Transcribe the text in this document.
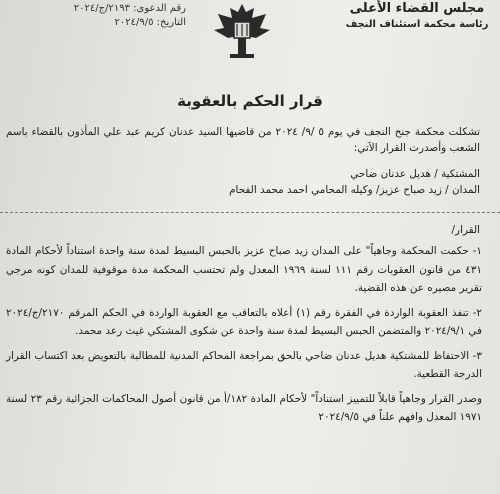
مجلس القضاء الأعلى
رئاسة محكمة استئناف النجف
رقم الدعوى: ٢١٩٣/ج/٢٠٢٤
التاريخ: ٢٠٢٤/٩/٥
قرار الحكم بالعقوبة

تشكلت محكمة جنح النجف في يوم ٥ /٩/ ٢٠٢٤ من قاضيها السيد عدنان كريم عبد علي المأذون بالقضاء باسم الشعب وأصدرت القرار الآتي:

المشتكية / هديل عدنان ضاحي

المدان / زيد صباح عزيز/ وكيله المحامي احمد محمد الفحام

القرار/

١- حكمت المحكمة وجاهياً" على المدان زيد صباح عزيز بالحبس البسيط لمدة سنة واحدة استناداً لأحكام المادة ٤٣١ من قانون العقوبات رقم ١١١ لسنة ١٩٦٩ المعدل ولم تحتسب المحكمة مدة موقوفية للمدان كونه مرجي تقرير مصيره عن هذه القضية.

٢- تنفذ العقوبة الواردة في الفقرة رقم (١) أعلاه بالتعاقب مع العقوبة الواردة في الحكم المرقم ٢١٧٠/ج/٢٠٢٤ في ٢٠٢٤/٩/١ والمتضمن الحبس البسيط لمدة سنة واحدة عن شكوى المشتكي غيث رعد محمد.

٣- الاحتفاظ للمشتكية هديل عدنان ضاحي بالحق بمراجعة المحاكم المدنية للمطالبة بالتعويض بعد اكتساب القرار الدرجة القطعية.

وصدر القرار وجاهياً قابلاً للتمييز استناداً" لأحكام المادة ١٨٢/أ من قانون أصول المحاكمات الجزائية رقم ٢٣ لسنة ١٩٧١ المعدل وافهم علناً في ٢٠٢٤/٩/٥
